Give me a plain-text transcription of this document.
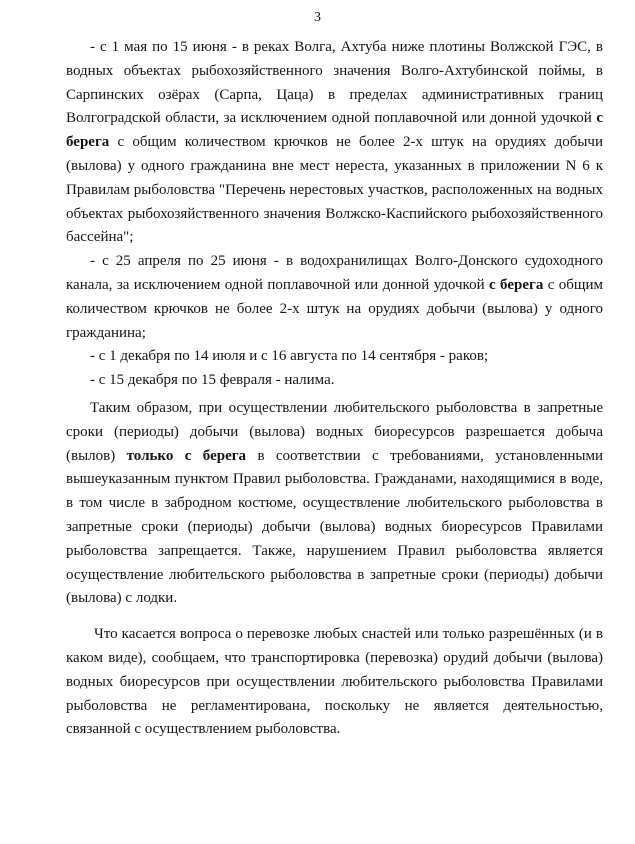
3

- с 1 мая по 15 июня - в реках Волга, Ахтуба ниже плотины Волжской ГЭС, в водных объектах рыбохозяйственного значения Волго-Ахтубинской поймы, в Сарпинских озёрах (Сарпа, Цаца) в пределах административных границ Волгоградской области, за исключением одной поплавочной или донной удочкой с берега с общим количеством крючков не более 2-х штук на орудиях добычи (вылова) у одного гражданина вне мест нереста, указанных в приложении N 6 к Правилам рыболовства "Перечень нерестовых участков, расположенных на водных объектах рыбохозяйственного значения Волжско-Каспийского рыбохозяйственного бассейна";

- с 25 апреля по 25 июня - в водохранилищах Волго-Донского судоходного канала, за исключением одной поплавочной или донной удочкой с берега с общим количеством крючков не более 2-х штук на орудиях добычи (вылова) у одного гражданина;

- с 1 декабря по 14 июля и с 16 августа по 14 сентября - раков;

- с 15 декабря по 15 февраля - налима.

Таким образом, при осуществлении любительского рыболовства в запретные сроки (периоды) добычи (вылова) водных биоресурсов разрешается добыча (вылов) только с берега в соответствии с требованиями, установленными вышеуказанным пунктом Правил рыболовства. Гражданами, находящимися в воде, в том числе в забродном костюме, осуществление любительского рыболовства в запретные сроки (периоды) добычи (вылова) водных биоресурсов Правилами рыболовства запрещается. Также, нарушением Правил рыболовства является осуществление любительского рыболовства в запретные сроки (периоды) добычи (вылова) с лодки.

Что касается вопроса о перевозке любых снастей или только разрешённых (и в каком виде), сообщаем, что транспортировка (перевозка) орудий добычи (вылова) водных биоресурсов при осуществлении любительского рыболовства Правилами рыболовства не регламентирована, поскольку не является деятельностью, связанной с осуществлением рыболовства.
